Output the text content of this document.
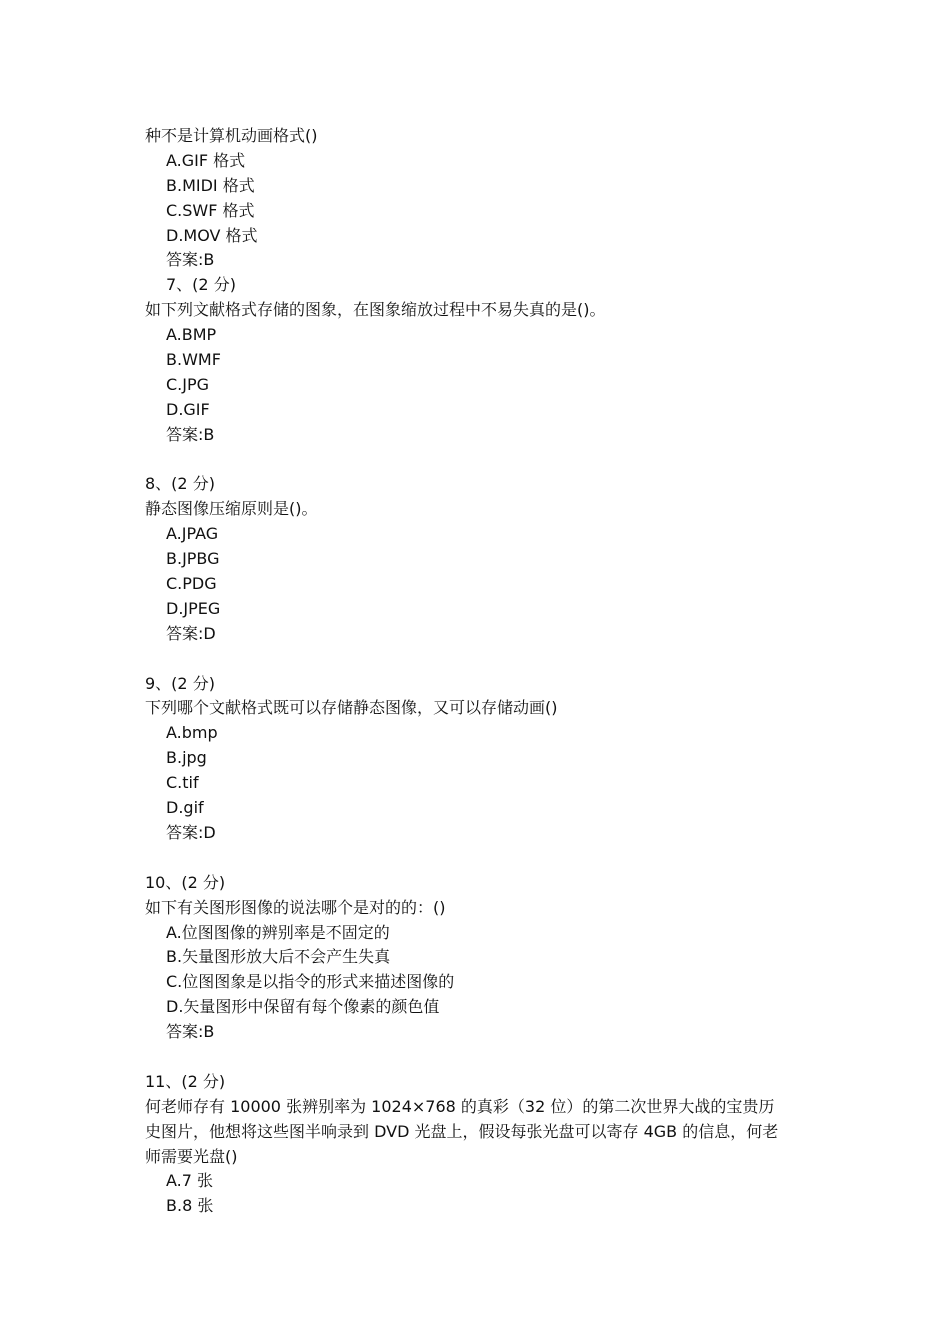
种不是计算机动画格式()
A.GIF 格式
B.MIDI 格式
C.SWF 格式
D.MOV 格式
答案:B
7、(2 分)
如下列文献格式存储的图象，在图象缩放过程中不易失真的是()。
A.BMP
B.WMF
C.JPG
D.GIF
答案:B
8、(2 分)
静态图像压缩原则是()。
A.JPAG
B.JPBG
C.PDG
D.JPEG
答案:D
9、(2 分)
下列哪个文献格式既可以存储静态图像，又可以存储动画()
A.bmp
B.jpg
C.tif
D.gif
答案:D
10、(2 分)
如下有关图形图像的说法哪个是对的的：()
A.位图图像的辨别率是不固定的
B.矢量图形放大后不会产生失真
C.位图图象是以指令的形式来描述图像的
D.矢量图形中保留有每个像素的颜色值
答案:B
11、(2 分)
何老师存有 10000 张辨别率为 1024×768 的真彩（32 位）的第二次世界大战的宝贵历
史图片，他想将这些图半响录到 DVD 光盘上，假设每张光盘可以寄存 4GB 的信息，何老
师需要光盘()
A.7 张
B.8 张
